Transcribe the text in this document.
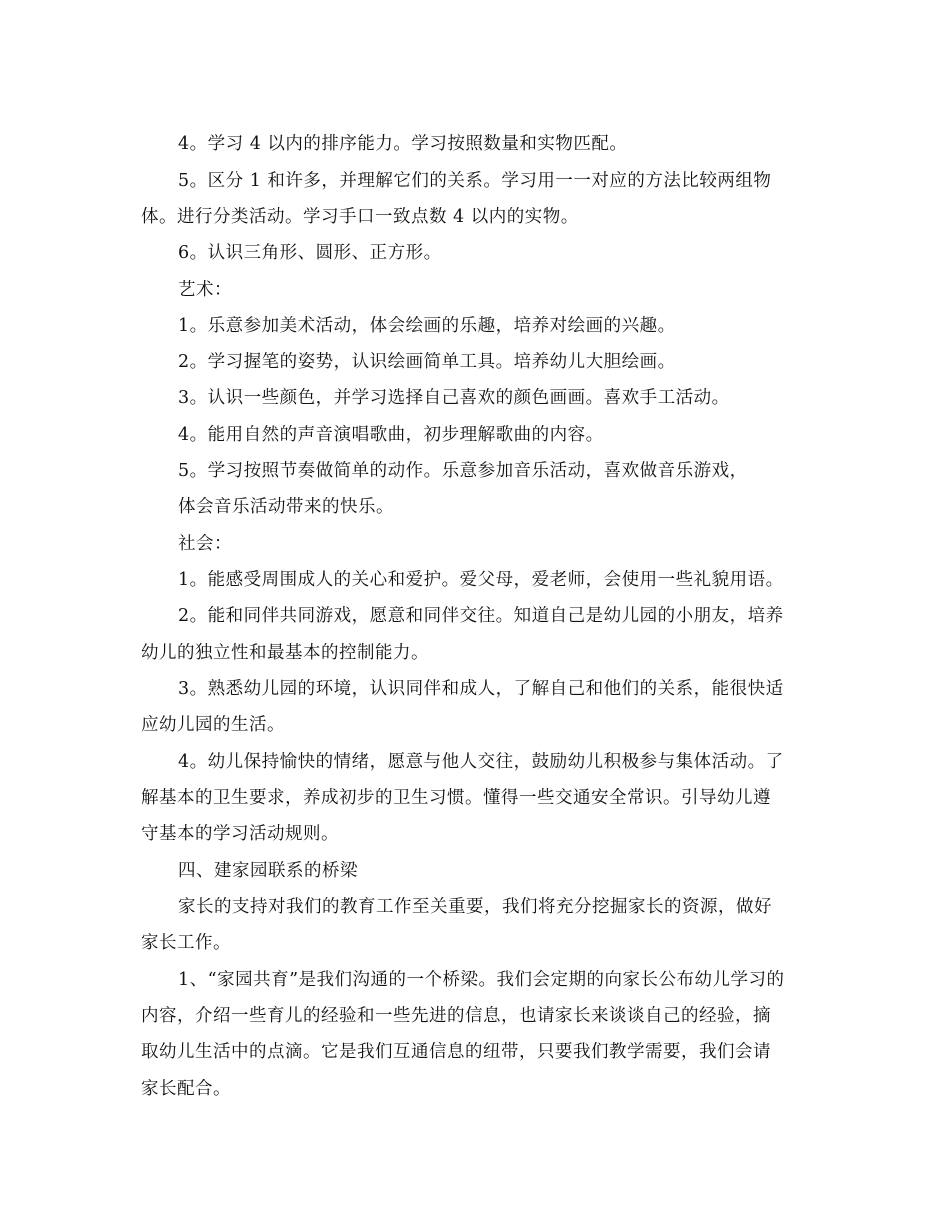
4。学习 4 以内的排序能力。学习按照数量和实物匹配。
5。区分 1 和许多，并理解它们的关系。学习用一一对应的方法比较两组物
体。进行分类活动。学习手口一致点数 4 以内的实物。
6。认识三角形、圆形、正方形。
艺术：
1。乐意参加美术活动，体会绘画的乐趣，培养对绘画的兴趣。
2。学习握笔的姿势，认识绘画简单工具。培养幼儿大胆绘画。
3。认识一些颜色，并学习选择自己喜欢的颜色画画。喜欢手工活动。
4。能用自然的声音演唱歌曲，初步理解歌曲的内容。
5。学习按照节奏做简单的动作。乐意参加音乐活动，喜欢做音乐游戏，
体会音乐活动带来的快乐。
社会：
1。能感受周围成人的关心和爱护。爱父母，爱老师，会使用一些礼貌用语。
2。能和同伴共同游戏，愿意和同伴交往。知道自己是幼儿园的小朋友，培养
幼儿的独立性和最基本的控制能力。
3。熟悉幼儿园的环境，认识同伴和成人，了解自己和他们的关系，能很快适
应幼儿园的生活。
4。幼儿保持愉快的情绪，愿意与他人交往，鼓励幼儿积极参与集体活动。了
解基本的卫生要求，养成初步的卫生习惯。懂得一些交通安全常识。引导幼儿遵
守基本的学习活动规则。
四、建家园联系的桥梁
家长的支持对我们的教育工作至关重要，我们将充分挖掘家长的资源，做好
家长工作。
1、“家园共育”是我们沟通的一个桥梁。我们会定期的向家长公布幼儿学习的
内容，介绍一些育儿的经验和一些先进的信息，也请家长来谈谈自己的经验，摘
取幼儿生活中的点滴。它是我们互通信息的纽带，只要我们教学需要，我们会请
家长配合。
